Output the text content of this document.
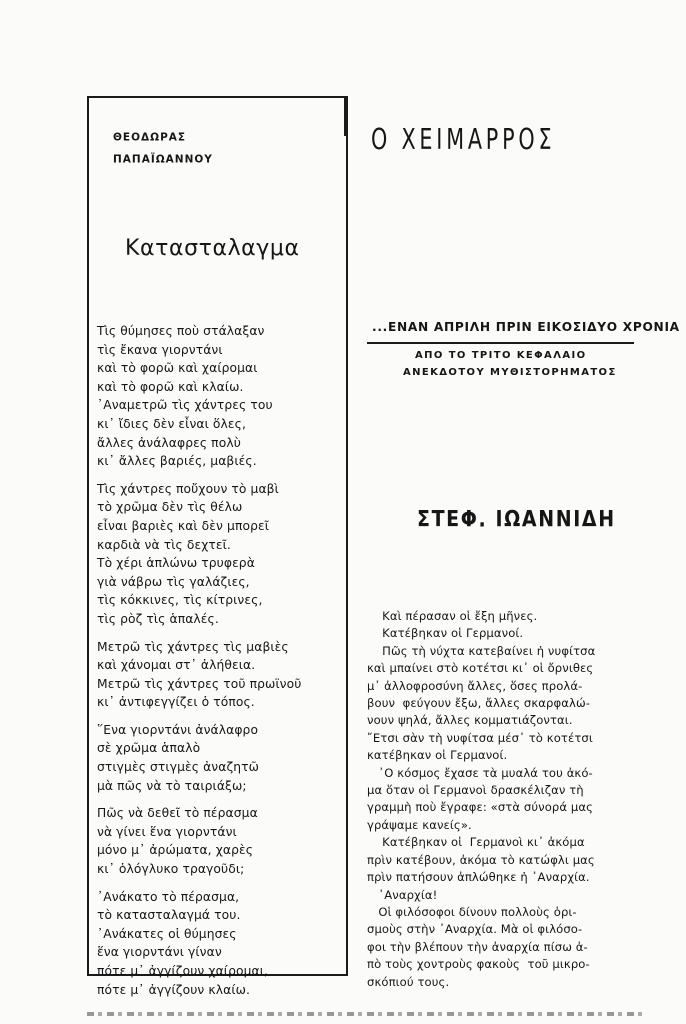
ΘΕΟΔΩΡΑΣ
ΠΑΠΑΪΩΑΝΝΟΥ
Κατασταλαγμα
Τὶς θύμησες ποὺ στάλαξαν
τὶς ἔκανα γιορντάνι
καὶ τὸ φορῶ καὶ χαίρομαι
καὶ τὸ φορῶ καὶ κλαίω.
᾿Αναμετρῶ τὶς χάντρες του
κι᾿ ἴδιες δὲν εἶναι ὅλες,
ἄλλες ἀνάλαφρες πολὺ
κι᾿ ἄλλες βαριές, μαβιές.
Τὶς χάντρες ποὔχουν τὸ μαβὶ
τὸ χρῶμα δὲν τὶς θέλω
εἶναι βαριὲς καὶ δὲν μπορεῖ
καρδιὰ νὰ τὶς δεχτεῖ.
Τὸ χέρι ἁπλώνω τρυφερὰ
γιὰ νάβρω τὶς γαλάζιες,
τὶς κόκκινες, τὶς κίτρινες,
τὶς ρὸζ τὶς ἁπαλές.
Μετρῶ τὶς χάντρες τὶς μαβιὲς
καὶ χάνομαι στ᾿ ἀλήθεια.
Μετρῶ τὶς χάντρες τοῦ πρωϊνοῦ
κι᾿ ἀντιφεγγίζει ὁ τόπος.
῞Ενα γιορντάνι ἀνάλαφρο
σὲ χρῶμα ἁπαλὸ
στιγμὲς στιγμὲς ἀναζητῶ
μὰ πῶς νὰ τὸ ταιριάξω;
Πῶς νὰ δεθεῖ τὸ πέρασμα
νὰ γίνει ἕνα γιορντάνι
μόνο μ᾿ ἀρώματα, χαρὲς
κι᾿ ὁλόγλυκο τραγοῦδι;
᾿Ανάκατο τὸ πέρασμα,
τὸ κατασταλαγμά του.
᾿Ανάκατες οἱ θύμησες
ἕνα γιορντάνι γίναν
πότε μ᾿ ἀγγίζουν χαίρομαι,
πότε μ᾿ ἀγγίζουν κλαίω.
Ο ΧΕΙΜΑΡΡΟΣ
...ΕΝΑΝ ΑΠΡΙΛΗ ΠΡΙΝ ΕΙΚΟΣΙΔΥΟ ΧΡΟΝΙΑ
ΑΠΟ ΤΟ ΤΡΙΤΟ ΚΕΦΑΛΑΙΟ
ΑΝΕΚΔΟΤΟΥ ΜΥΘΙΣΤΟΡΗΜΑΤΟΣ
ΣΤΕΦ. ΙΩΑΝΝΙΔΗ
Καὶ πέρασαν οἱ ἔξη μῆνες.
Κατέβηκαν οἱ Γερμανοί.
Πῶς τὴ νύχτα κατεβαίνει ἡ νυφίτσα
καὶ μπαίνει στὸ κοτέτσι κι᾿ οἱ ὄρνιθες
μ᾿ ἀλλοφροσύνη ἄλλες, ὅσες προλά-
βουν  φεύγουν ἔξω, ἄλλες σκαρφαλώ-
νουν ψηλά, ἄλλες κομματιάζονται.
῎Ετσι σὰν τὴ νυφίτσα μέσ᾿ τὸ κοτέτσι
κατέβηκαν οἱ Γερμανοί.
᾿Ο κόσμος ἔχασε τὰ μυαλά του ἀκό-
μα ὅταν οἱ Γερμανοὶ δρασκέλιζαν τὴ
γραμμὴ ποὺ ἔγραφε: «στὰ σύνορά μας
γράψαμε κανείς».
Κατέβηκαν οἱ  Γερμανοὶ κι᾿ ἀκόμα
πρὶν κατέβουν, ἀκόμα τὸ κατώφλι μας
πρὶν πατήσουν ἀπλώθηκε ἡ ᾿Αναρχία.
᾿Αναρχία!
Οἱ φιλόσοφοι δίνουν πολλοὺς ὁρι-
σμοὺς στὴν ᾿Αναρχία. Μὰ οἱ φιλόσο-
φοι τὴν βλέπουν τὴν ἀναρχία πίσω ἀ-
πὸ τοὺς χοντροὺς φακοὺς  τοῦ μικρο-
σκόπιού τους.
